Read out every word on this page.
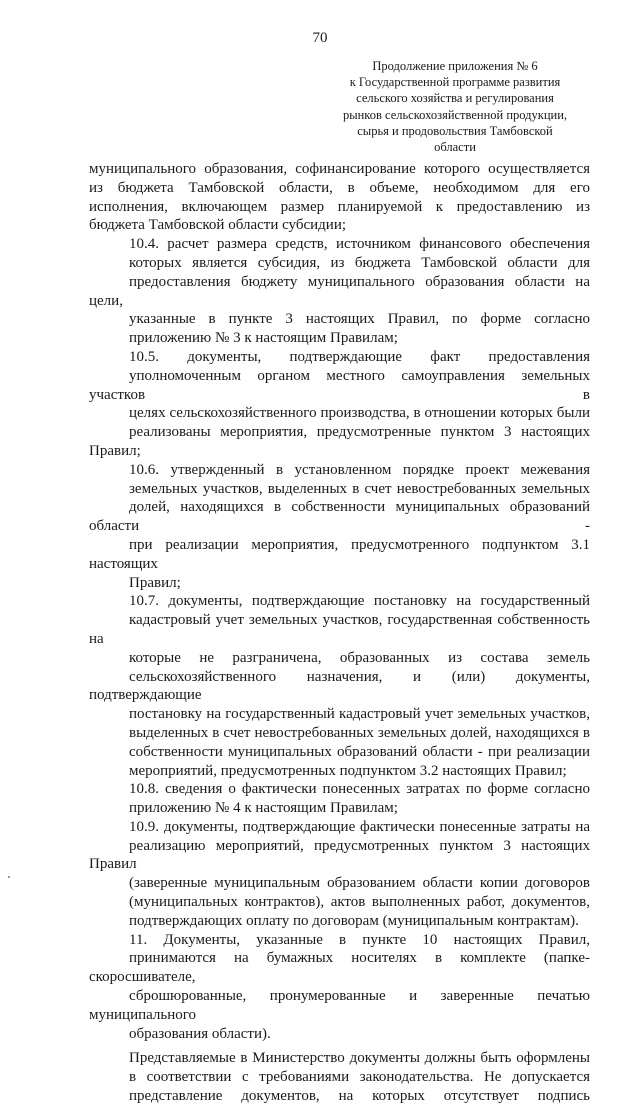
70
Продолжение приложения № 6
к Государственной программе развития
сельского хозяйства и регулирования
рынков сельскохозяйственной продукции,
сырья и продовольствия Тамбовской
области
муниципального образования, софинансирование которого осуществляется
из бюджета Тамбовской области, в объеме, необходимом для его
исполнения, включающем размер планируемой к предоставлению из
бюджета Тамбовской области субсидии;
10.4. расчет размера средств, источником финансового обеспечения
которых является субсидия, из бюджета Тамбовской области для
предоставления бюджету муниципального образования области на цели,
указанные в пункте 3 настоящих Правил, по форме согласно
приложению № 3 к настоящим Правилам;
10.5. документы, подтверждающие факт предоставления
уполномоченным органом местного самоуправления земельных участков в
целях сельскохозяйственного производства, в отношении которых были
реализованы мероприятия, предусмотренные пунктом 3 настоящих Правил;
10.6. утвержденный в установленном порядке проект межевания
земельных участков, выделенных в счет невостребованных земельных
долей, находящихся в собственности муниципальных образований области -
при реализации мероприятия, предусмотренного подпунктом 3.1 настоящих
Правил;
10.7. документы, подтверждающие постановку на государственный
кадастровый учет земельных участков, государственная собственность на
которые не разграничена, образованных из состава земель
сельскохозяйственного назначения, и (или) документы, подтверждающие
постановку на государственный кадастровый учет земельных участков,
выделенных в счет невостребованных земельных долей, находящихся в
собственности муниципальных образований области - при реализации
мероприятий, предусмотренных подпунктом 3.2 настоящих Правил;
10.8. сведения о фактически понесенных затратах по форме согласно
приложению № 4 к настоящим Правилам;
10.9. документы, подтверждающие фактически понесенные затраты на
реализацию мероприятий, предусмотренных пунктом 3 настоящих Правил
(заверенные муниципальным образованием области копии договоров
(муниципальных контрактов), актов выполненных работ, документов,
подтверждающих оплату по договорам (муниципальным контрактам).
11. Документы, указанные в пункте 10 настоящих Правил,
принимаются на бумажных носителях в комплекте (папке-скоросшивателе,
сброшюрованные, пронумерованные и заверенные печатью муниципального
образования области).
Представляемые в Министерство документы должны быть оформлены
в соответствии с требованиями законодательства. Не допускается
представление документов, на которых отсутствует подпись
